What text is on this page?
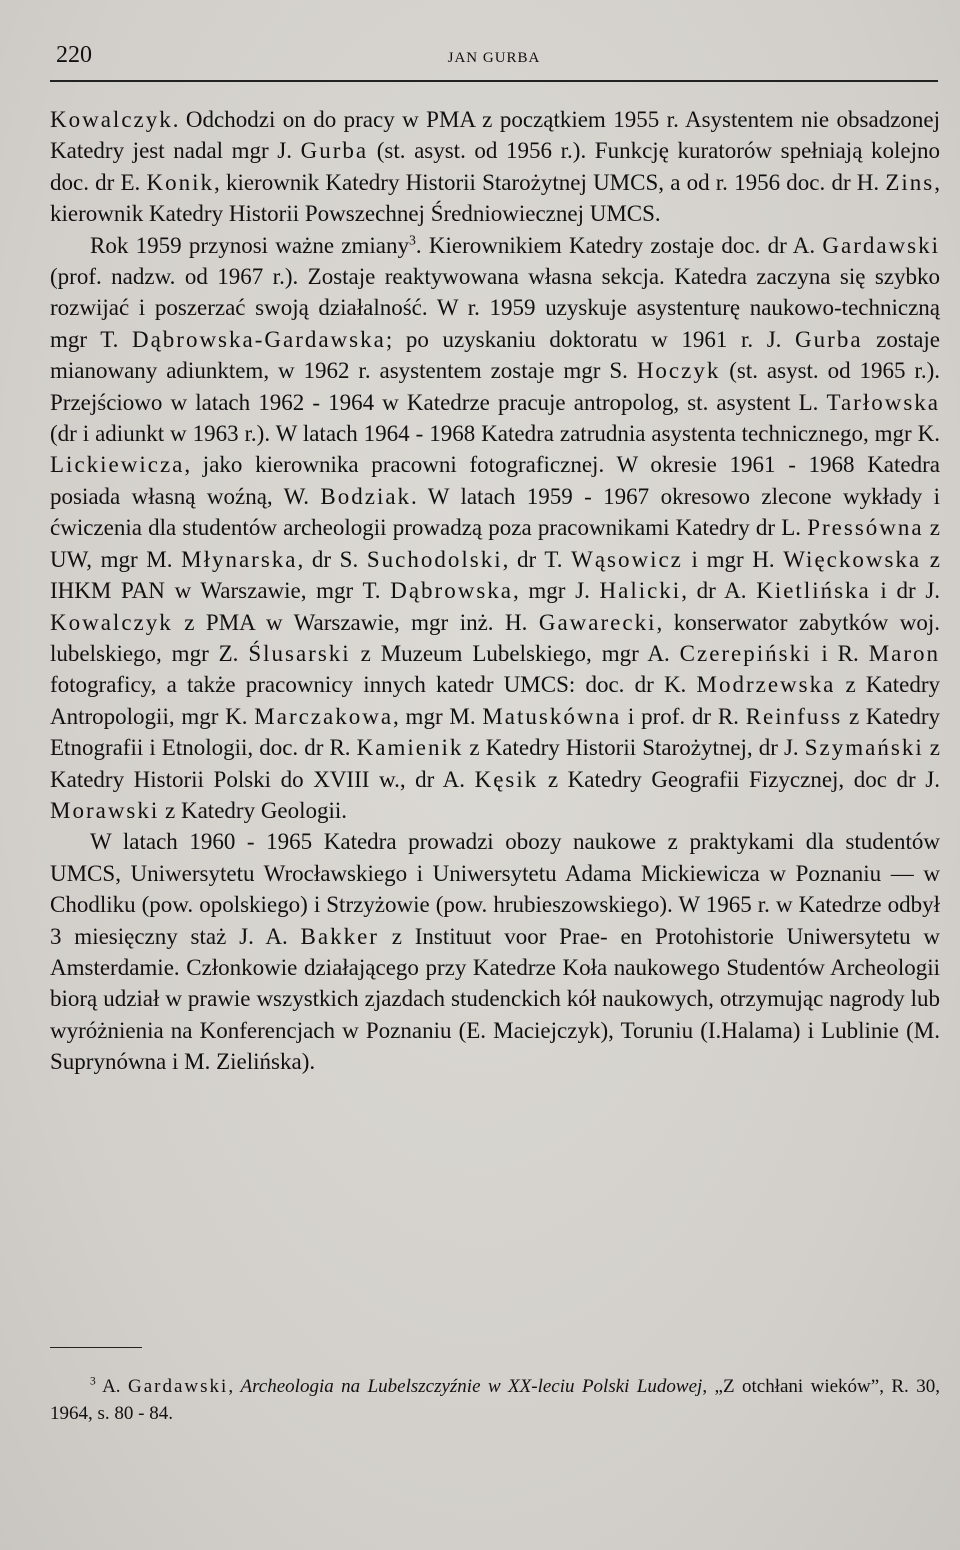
220	JAN GURBA

Kowalczyk. Odchodzi on do pracy w PMA z początkiem 1955 r. Asystentem nie obsadzonej Katedry jest nadal mgr J. Gurba (st. asyst. od 1956 r.). Funkcję kuratorów spełniają kolejno doc. dr E. Konik, kierownik Katedry Historii Starożytnej UMCS, a od r. 1956 doc. dr H. Zins, kierownik Katedry Historii Powszechnej Średniowiecznej UMCS.

Rok 1959 przynosi ważne zmiany$^3$. Kierownikiem Katedry zostaje doc. dr A. Gardawski (prof. nadzw. od 1967 r.). Zostaje reaktywowana własna sekcja. Katedra zaczyna się szybko rozwijać i poszerzać swoją działalność. W r. 1959 uzyskuje asystenturę naukowo-techniczną mgr T. Dąbrowska-Gardawska; po uzyskaniu doktoratu w 1961 r. J. Gurba zostaje mianowany adiunktem, w 1962 r. asystentem zostaje mgr S. Hoczyk (st. asyst. od 1965 r.). Przejściowo w latach 1962 - 1964 w Katedrze pracuje antropolog, st. asystent L. Tarłowska (dr i adiunkt w 1963 r.). W latach 1964 - 1968 Katedra zatrudnia asystenta technicznego, mgr K. Lickiewicza, jako kierownika pracowni fotograficznej. W okresie 1961 - 1968 Katedra posiada własną woźną, W. Bodziak. W latach 1959 - 1967 okresowo zlecone wykłady i ćwiczenia dla studentów archeologii prowadzą poza pracownikami Katedry dr L. Pressówna z UW, mgr M. Młynarska, dr S. Suchodolski, dr T. Wąsowicz i mgr H. Więckowska z IHKM PAN w Warszawie, mgr T. Dąbrowska, mgr J. Halicki, dr A. Kietlińska i dr J. Kowalczyk z PMA w Warszawie, mgr inż. H. Gawarecki, konserwator zabytków woj. lubelskiego, mgr Z. Ślusarski z Muzeum Lubelskiego, mgr A. Czerepiński i R. Maron fotograficy, a także pracownicy innych katedr UMCS: doc. dr K. Modrzewska z Katedry Antropologii, mgr K. Marczakowa, mgr M. Matuskówna i prof. dr R. Reinfuss z Katedry Etnografii i Etnologii, doc. dr R. Kamienik z Katedry Historii Starożytnej, dr J. Szymański z Katedry Historii Polski do XVIII w., dr A. Kęsik z Katedry Geografii Fizycznej, doc dr J. Morawski z Katedry Geologii.

W latach 1960 - 1965 Katedra prowadzi obozy naukowe z praktykami dla studentów UMCS, Uniwersytetu Wrocławskiego i Uniwersytetu Adama Mickiewicza w Poznaniu — w Chodliku (pow. opolskiego) i Strzyżowie (pow. hrubieszowskiego). W 1965 r. w Katedrze odbył 3 miesięczny staż J. A. Bakker z Instituut voor Prae- en Protohistorie Uniwersytetu w Amsterdamie. Członkowie działającego przy Katedrze Koła naukowego Studentów Archeologii biorą udział w prawie wszystkich zjazdach studenckich kół naukowych, otrzymując nagrody lub wyróżnienia na Konferencjach w Poznaniu (E. Maciejczyk), Toruniu (I.Halama) i Lublinie (M. Suprynówna i M. Zielińska).

$^3$ A. Gardawski, Archeologia na Lubelszczyźnie w XX-leciu Polski Ludowej, „Z otchłani wieków”, R. 30, 1964, s. 80 - 84.
